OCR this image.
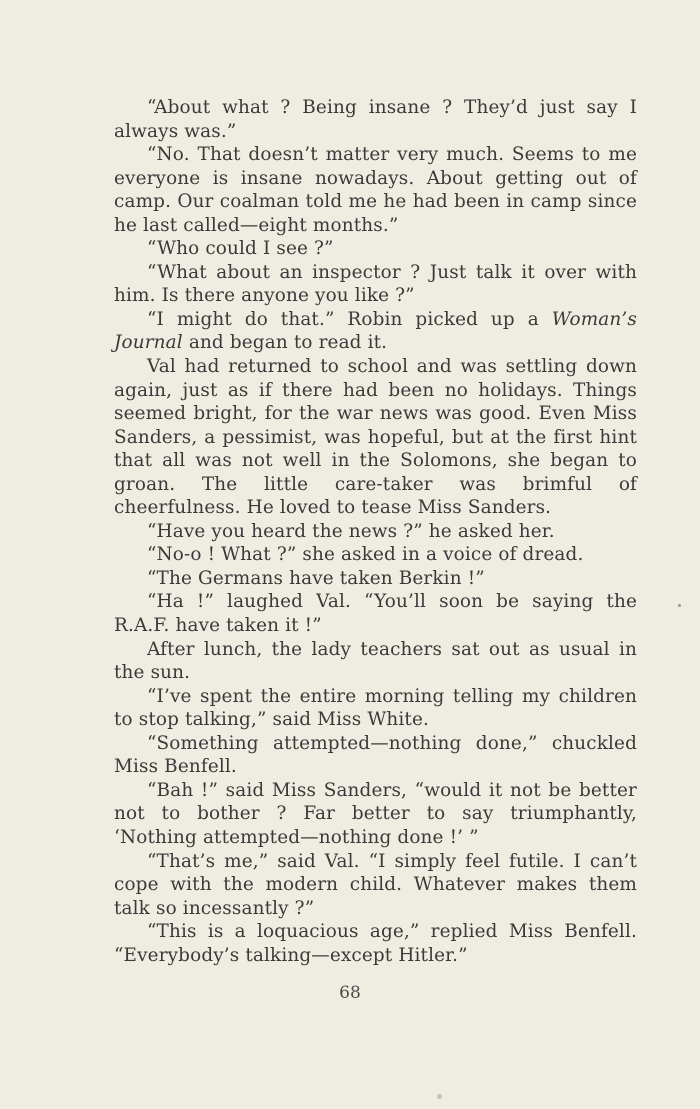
“About what ? Being insane ? They’d just say I always was.”

“No. That doesn’t matter very much. Seems to me everyone is insane nowadays. About getting out of camp. Our coalman told me he had been in camp since he last called—eight months.”

“Who could I see ?”

“What about an inspector ? Just talk it over with him. Is there anyone you like ?”

“I might do that.” Robin picked up a Woman’s Journal and began to read it.

Val had returned to school and was settling down again, just as if there had been no holidays. Things seemed bright, for the war news was good. Even Miss Sanders, a pessimist, was hopeful, but at the first hint that all was not well in the Solomons, she began to groan. The little care-taker was brimful of cheerfulness. He loved to tease Miss Sanders.

“Have you heard the news ?” he asked her.

“No-o ! What ?” she asked in a voice of dread.

“The Germans have taken Berkin !”

“Ha !” laughed Val. “You’ll soon be saying the R.A.F. have taken it !”

After lunch, the lady teachers sat out as usual in the sun.

“I’ve spent the entire morning telling my children to stop talking,” said Miss White.

“Something attempted—nothing done,” chuckled Miss Benfell.

“Bah !” said Miss Sanders, “would it not be better not to bother ? Far better to say triumphantly, ‘Nothing attempted—nothing done !’ ”

“That’s me,” said Val. “I simply feel futile. I can’t cope with the modern child. Whatever makes them talk so incessantly ?”

“This is a loquacious age,” replied Miss Benfell. “Everybody’s talking—except Hitler.”

68
